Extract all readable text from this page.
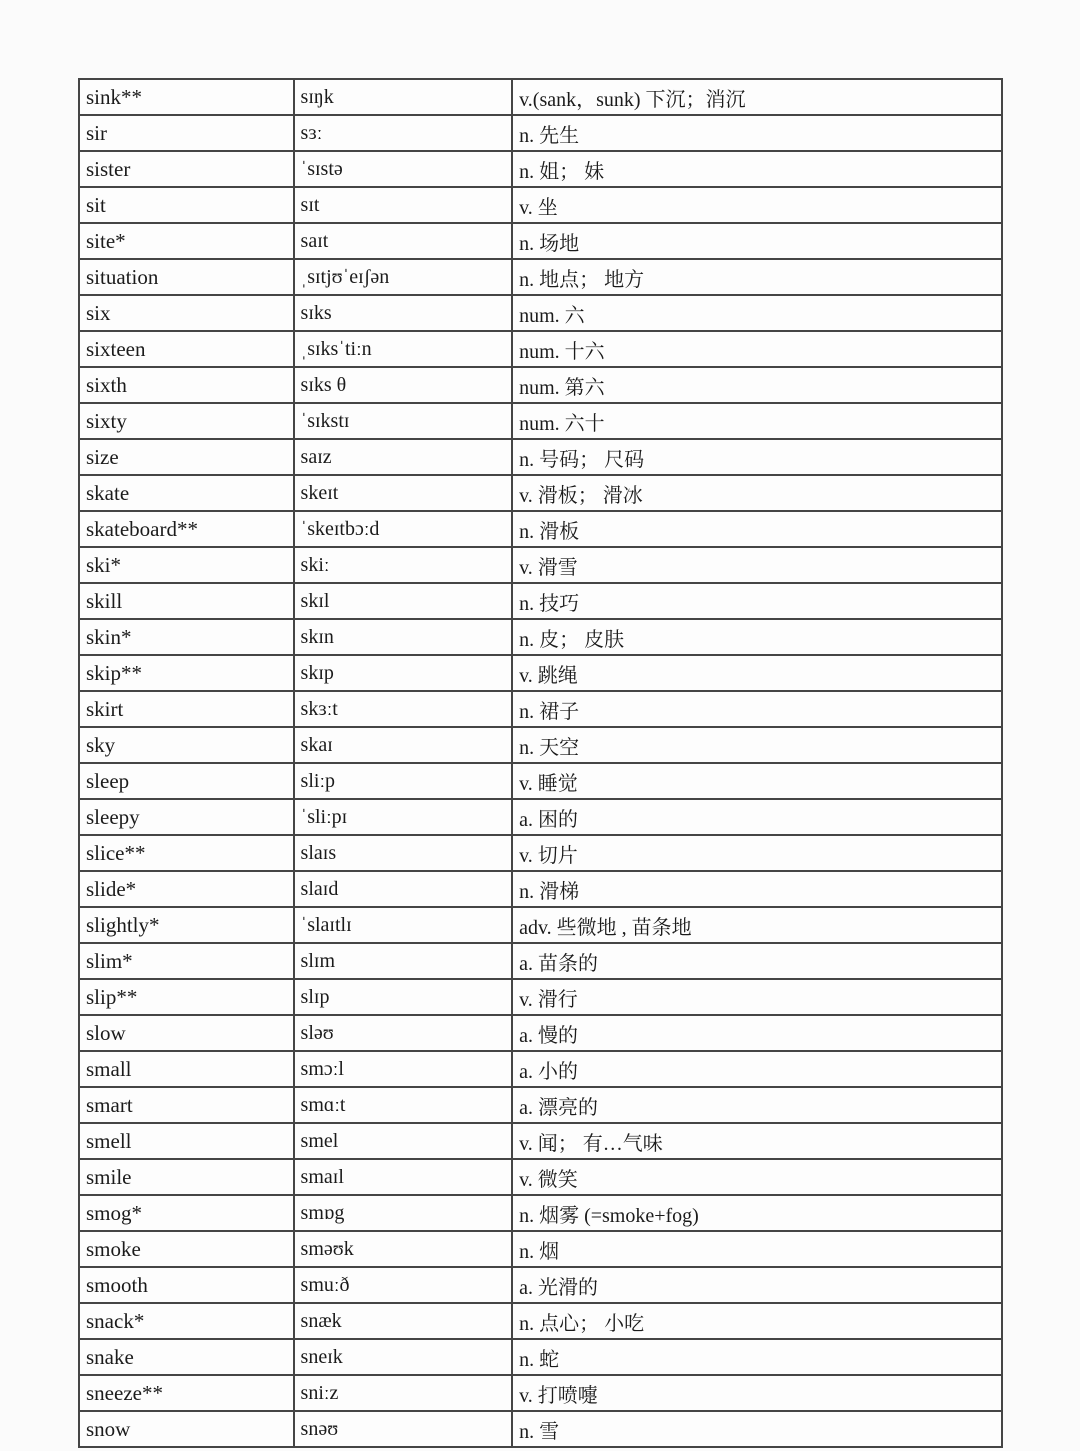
sink**	sɪŋk	v.(sank，sunk) 下沉；消沉
sir	sɜː	n. 先生
sister	ˈsɪstə	n. 姐； 妹
sit	sɪt	v. 坐
site*	saɪt	n. 场地
situation	ˌsɪtjʊˈeɪʃən	n. 地点； 地方
six	sɪks	num. 六
sixteen	ˌsɪksˈtiːn	num. 十六
sixth	sɪks θ	num. 第六
sixty	ˈsɪkstɪ	num. 六十
size	saɪz	n. 号码； 尺码
skate	skeɪt	v. 滑板； 滑冰
skateboard**	ˈskeɪtbɔːd	n. 滑板
ski*	skiː	v. 滑雪
skill	skɪl	n. 技巧
skin*	skɪn	n. 皮； 皮肤
skip**	skɪp	v. 跳绳
skirt	skɜːt	n. 裙子
sky	skaɪ	n. 天空
sleep	sliːp	v. 睡觉
sleepy	ˈsliːpɪ	a. 困的
slice**	slaɪs	v. 切片
slide*	slaɪd	n. 滑梯
slightly*	ˈslaɪtlɪ	adv. 些微地 , 苗条地
slim*	slɪm	a. 苗条的
slip**	slɪp	v. 滑行
slow	sləʊ	a. 慢的
small	smɔːl	a. 小的
smart	smɑːt	a. 漂亮的
smell	smel	v. 闻； 有…气味
smile	smaɪl	v. 微笑
smog*	smɒg	n. 烟雾 (=smoke+fog)
smoke	sməʊk	n. 烟
smooth	smuːð	a. 光滑的
snack*	snæk	n. 点心； 小吃
snake	sneɪk	n. 蛇
sneeze**	sniːz	v. 打喷嚏
snow	snəʊ	n. 雪
